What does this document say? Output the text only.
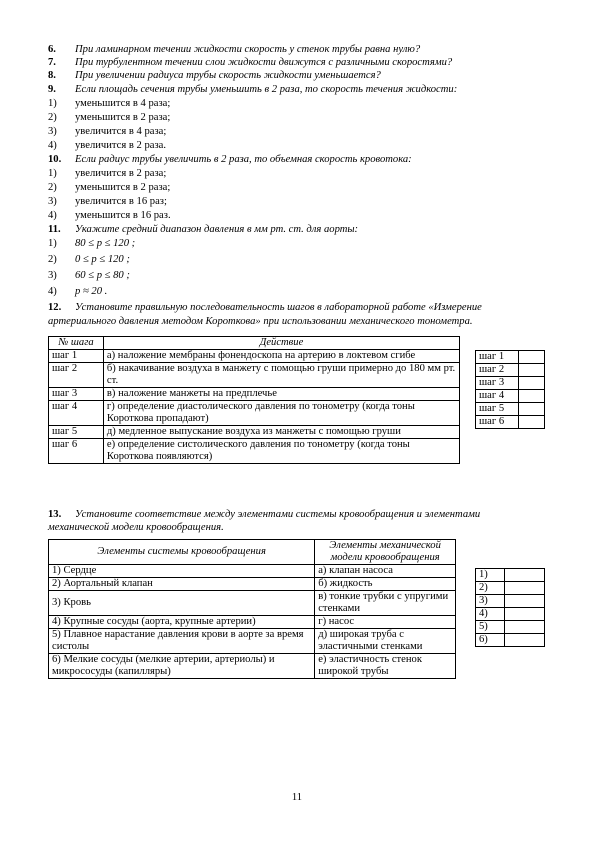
6. При ламинарном течении жидкости скорость у стенок трубы равна нулю?
7. При турбулентном течении слои жидкости движутся с различными скоростями?
8. При увеличении радиуса трубы скорость жидкости уменьшается?
9. Если площадь сечения трубы уменьшить в 2 раза, то скорость течения жидкости:
1) уменьшится в 4 раза;
2) уменьшится в 2 раза;
3) увеличится в 4 раза;
4) увеличится в 2 раза.
10. Если радиус трубы увеличить в 2 раза, то объемная скорость кровотока:
1) увеличится в 2 раза;
2) уменьшится в 2 раза;
3) увеличится в 16 раз;
4) уменьшится в 16 раз.
11. Укажите средний диапазон давления в мм рт. ст. для аорты:
1) 80 ≤ p ≤ 120 ;
2) 0 ≤ p ≤ 120 ;
3) 60 ≤ p ≤ 80 ;
4) p ≈ 20 .
12. Установите правильную последовательность шагов в лабораторной работе «Измерение
артериального давления методом Короткова» при использовании механического тонометра.
№ шага	Действие
шаг 1	а) наложение мембраны фонендоскопа на артерию в локтевом сгибе
шаг 2	б) накачивание воздуха в манжету с помощью груши примерно до 180 мм рт. ст.
шаг 3	в) наложение манжеты на предплечье
шаг 4	г) определение диастолического давления по тонометру (когда тоны Короткова пропадают)
шаг 5	д) медленное выпускание воздуха из манжеты с помощью груши
шаг 6	е) определение систолического давления по тонометру (когда тоны Короткова появляются)
шаг 1	
шаг 2	
шаг 3	
шаг 4	
шаг 5	
шаг 6	
13. Установите соответствие между элементами системы кровообращения и элементами
механической модели кровообращения.
Элементы системы кровообращения	Элементы механической модели кровообращения
1) Сердце	а) клапан насоса
2) Аортальный клапан	б) жидкость
3) Кровь	в) тонкие трубки с упругими стенками
4) Крупные сосуды (аорта, крупные артерии)	г) насос
5) Плавное нарастание давления крови в аорте за время систолы	д) широкая труба с эластичными стенками
6) Мелкие сосуды (мелкие артерии, артериолы) и микрососуды (капилляры)	е) эластичность стенок широкой трубы
1)	
2)	
3)	
4)	
5)	
6)	
11
